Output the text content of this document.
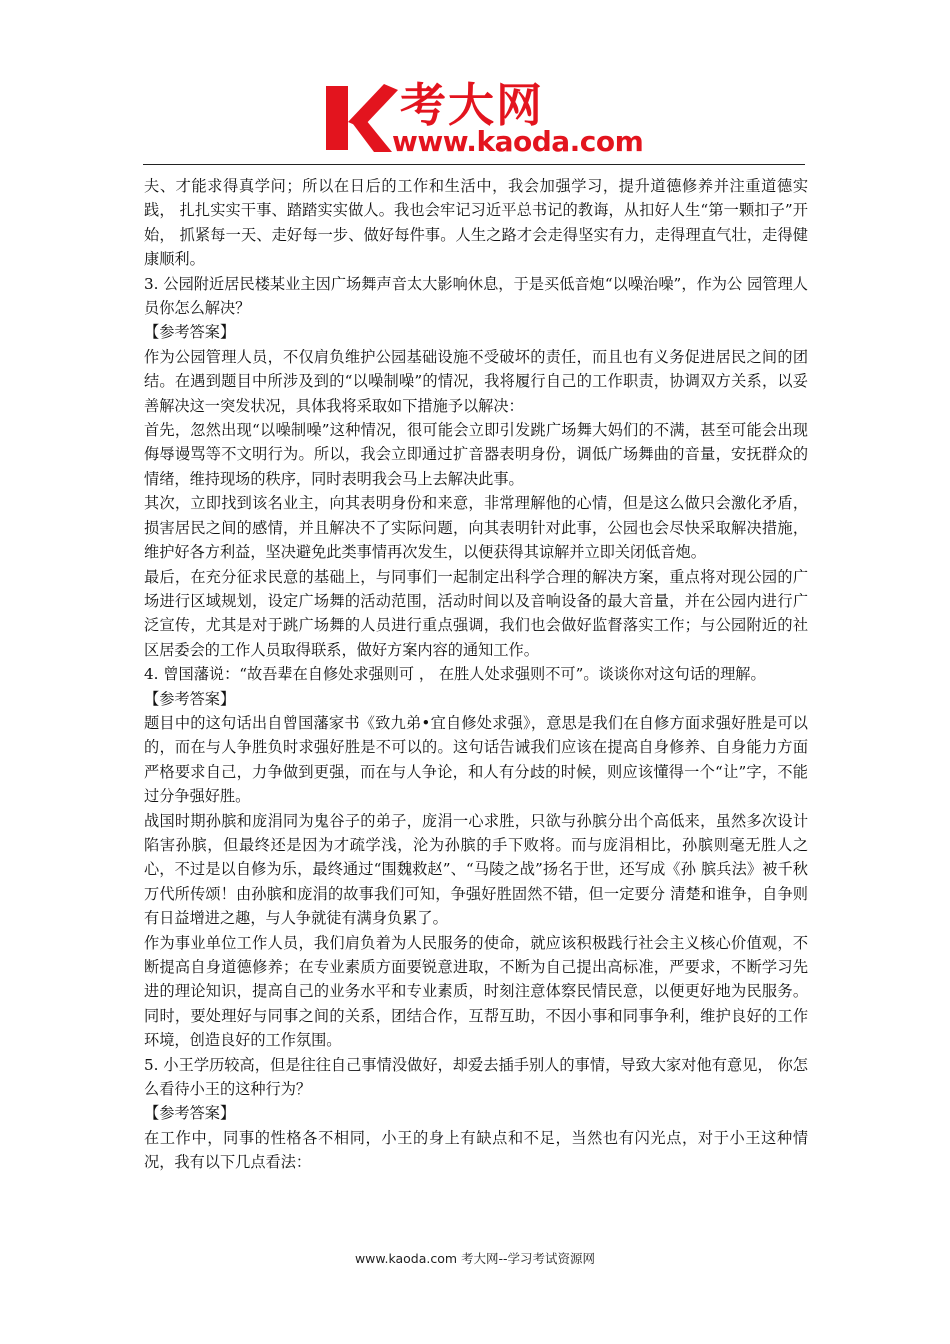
考大网
www.kaoda.com

夫、才能求得真学问；所以在日后的工作和生活中，我会加强学习，提升道德修养并注重道德实践， 扎扎实实干事、踏踏实实做人。我也会牢记习近平总书记的教诲，从扣好人生“第一颗扣子”开始， 抓紧每一天、走好每一步、做好每件事。人生之路才会走得坚实有力，走得理直气壮，走得健 康顺利。

3. 公园附近居民楼某业主因广场舞声音太大影响休息，于是买低音炮“以噪治噪”，作为公 园管理人员你怎么解决？

【参考答案】

作为公园管理人员，不仅肩负维护公园基础设施不受破坏的责任，而且也有义务促进居民之间的团结。在遇到题目中所涉及到的“以噪制噪”的情况，我将履行自己的工作职责，协调双方关系，以妥善解决这一突发状况，具体我将采取如下措施予以解决：

首先，忽然出现“以噪制噪”这种情况，很可能会立即引发跳广场舞大妈们的不满，甚至可能会出现侮辱谩骂等不文明行为。所以，我会立即通过扩音器表明身份，调低广场舞曲的音量，安抚群众的情绪，维持现场的秩序，同时表明我会马上去解决此事。

其次，立即找到该名业主，向其表明身份和来意，非常理解他的心情，但是这么做只会激化矛盾，损害居民之间的感情，并且解决不了实际问题，向其表明针对此事，公园也会尽快采取解决措施，维护好各方利益，坚决避免此类事情再次发生，以便获得其谅解并立即关闭低音炮。

最后，在充分征求民意的基础上，与同事们一起制定出科学合理的解决方案，重点将对现公园的广场进行区域规划，设定广场舞的活动范围，活动时间以及音响设备的最大音量，并在公园内进行广泛宣传，尤其是对于跳广场舞的人员进行重点强调，我们也会做好监督落实工作；与公园附近的社区居委会的工作人员取得联系，做好方案内容的通知工作。

4. 曾国藩说：“故吾辈在自修处求强则可 ， 在胜人处求强则不可”。谈谈你对这句话的理解。

【参考答案】

题目中的这句话出自曾国藩家书《致九弟•宜自修处求强》，意思是我们在自修方面求强好胜是可以的，而在与人争胜负时求强好胜是不可以的。这句话告诫我们应该在提高自身修养、自身能力方面严格要求自己，力争做到更强，而在与人争论，和人有分歧的时候，则应该懂得一个“让”字，不能过分争强好胜。

战国时期孙膑和庞涓同为鬼谷子的弟子，庞涓一心求胜，只欲与孙膑分出个高低来，虽然多次设计陷害孙膑，但最终还是因为才疏学浅，沦为孙膑的手下败将。而与庞涓相比，孙膑则毫无胜人之心，不过是以自修为乐，最终通过“围魏救赵”、“马陵之战”扬名于世，还写成《孙 膑兵法》被千秋万代所传颂！由孙膑和庞涓的故事我们可知，争强好胜固然不错，但一定要分 清楚和谁争，自争则有日益增进之趣，与人争就徒有满身负累了。

作为事业单位工作人员，我们肩负着为人民服务的使命，就应该积极践行社会主义核心价值观，不断提高自身道德修养；在专业素质方面要锐意进取，不断为自己提出高标准，严要求，不断学习先进的理论知识，提高自己的业务水平和专业素质，时刻注意体察民情民意，以便更好地为民服务。同时，要处理好与同事之间的关系，团结合作，互帮互助，不因小事和同事争利，维护良好的工作环境，创造良好的工作氛围。

5. 小王学历较高，但是往往自己事情没做好，却爱去插手别人的事情，导致大家对他有意见， 你怎么看待小王的这种行为？

【参考答案】

在工作中，同事的性格各不相同，小王的身上有缺点和不足，当然也有闪光点，对于小王这种情况，我有以下几点看法：

www.kaoda.com 考大网--学习考试资源网
